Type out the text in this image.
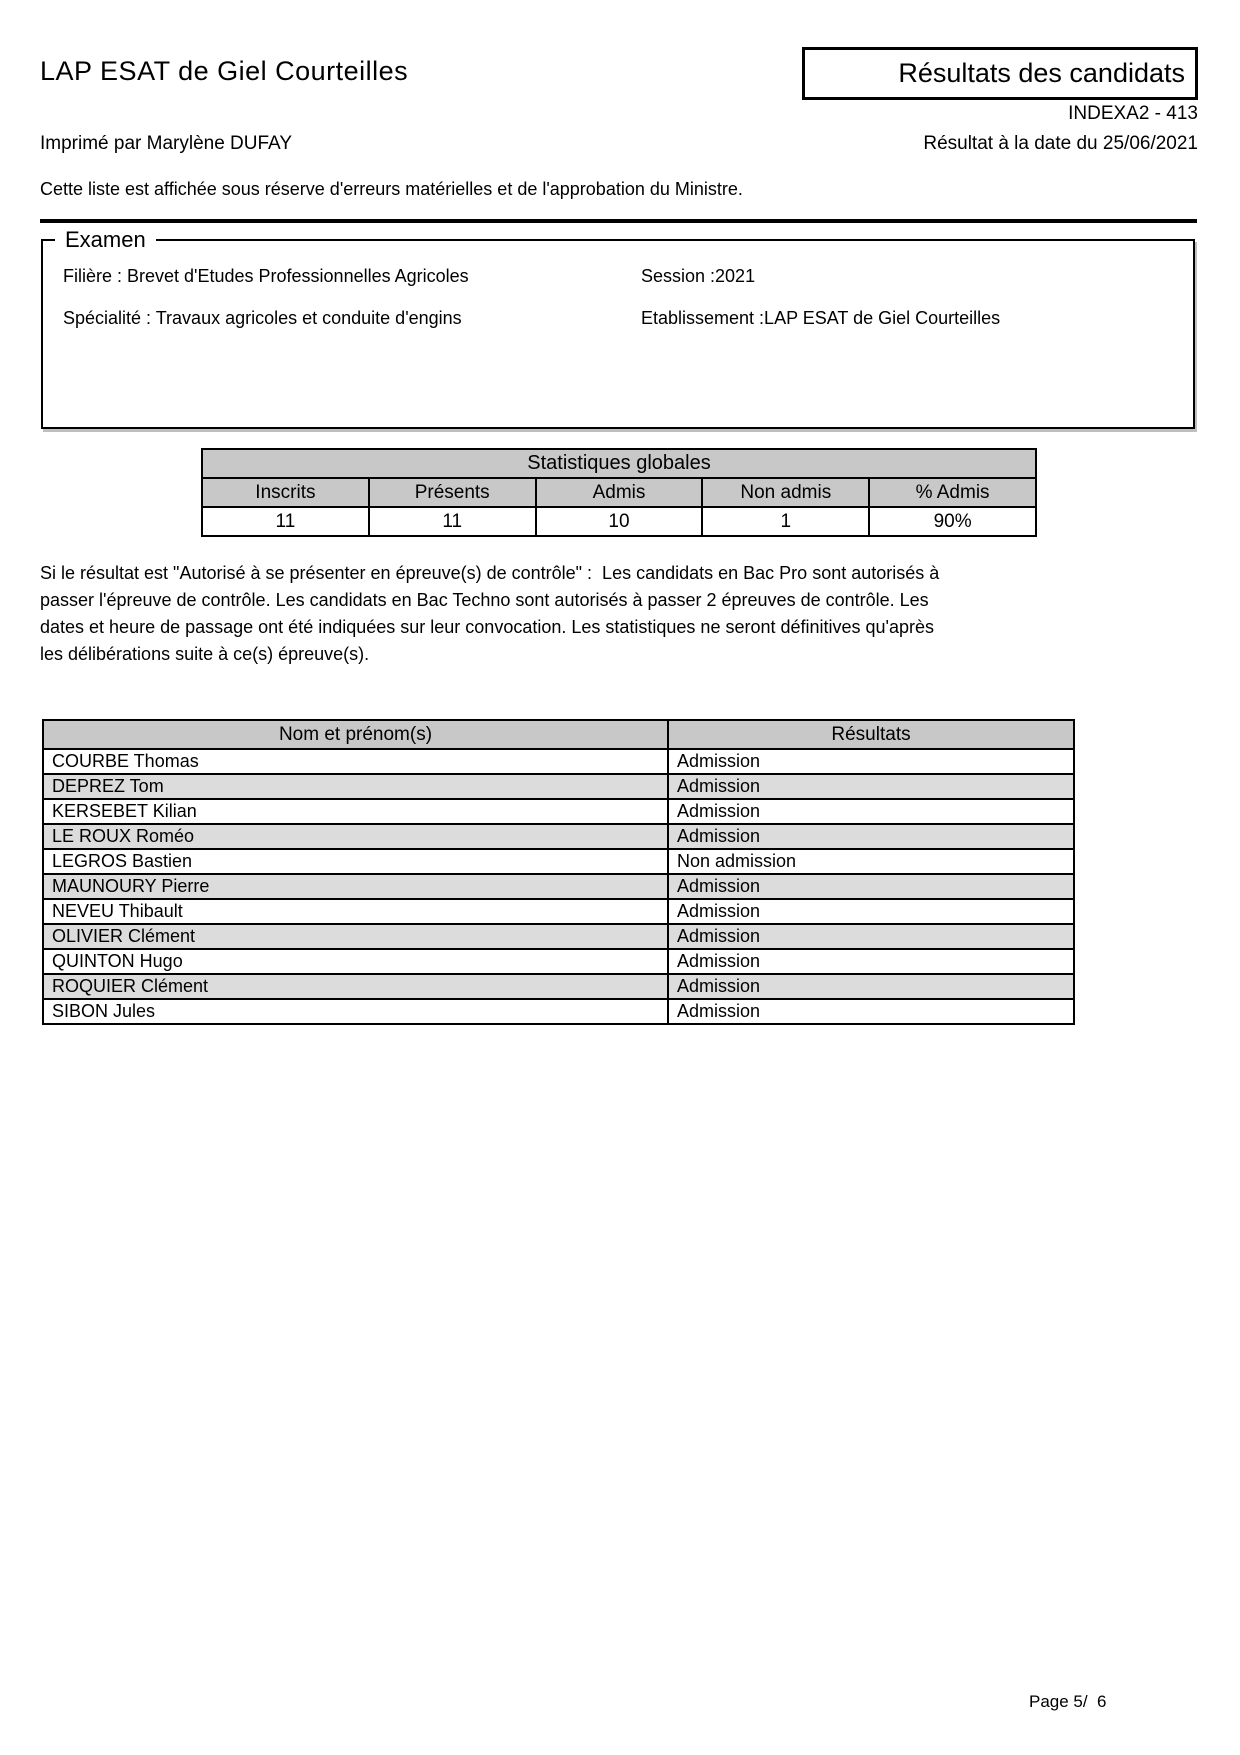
LAP ESAT de Giel Courteilles	Résultats des candidats
INDEXA2 - 413
Imprimé par Marylène DUFAY	Résultat à la date du 25/06/2021
Cette liste est affichée sous réserve d'erreurs matérielles et de l'approbation du Ministre.
Examen
Filière : Brevet d'Etudes Professionnelles Agricoles	Session :2021
Spécialité : Travaux agricoles et conduite d'engins	Etablissement :LAP ESAT de Giel Courteilles
Statistiques globales				
Inscrits	Présents	Admis	Non admis	% Admis
11	11	10	1	90%
Si le résultat est "Autorisé à se présenter en épreuve(s) de contrôle" :  Les candidats en Bac Pro sont autorisés à passer l'épreuve de contrôle. Les candidats en Bac Techno sont autorisés à passer 2 épreuves de contrôle. Les dates et heure de passage ont été indiquées sur leur convocation. Les statistiques ne seront définitives qu'après les délibérations suite à ce(s) épreuve(s).
Nom et prénom(s)	Résultats
COURBE Thomas	Admission
DEPREZ Tom	Admission
KERSEBET Kilian	Admission
LE ROUX Roméo	Admission
LEGROS Bastien	Non admission
MAUNOURY Pierre	Admission
NEVEU Thibault	Admission
OLIVIER Clément	Admission
QUINTON Hugo	Admission
ROQUIER Clément	Admission
SIBON Jules	Admission
Page 5/  6
